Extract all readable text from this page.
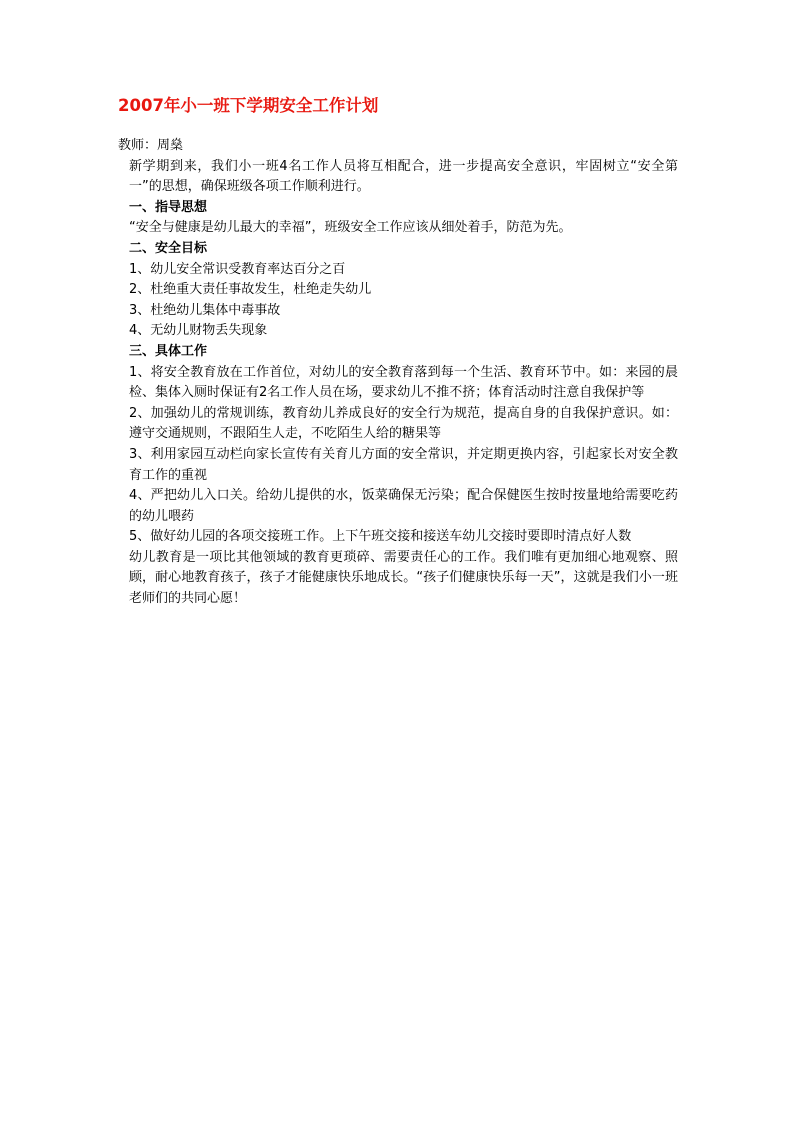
2007年小一班下学期安全工作计划
教师：周燊
新学期到来，我们小一班4名工作人员将互相配合，进一步提高安全意识，牢固树立“安全第一”的思想，确保班级各项工作顺利进行。
一、指导思想
“安全与健康是幼儿最大的幸福”，班级安全工作应该从细处着手，防范为先。
二、安全目标
1、幼儿安全常识受教育率达百分之百
2、杜绝重大责任事故发生，杜绝走失幼儿
3、杜绝幼儿集体中毒事故
4、无幼儿财物丢失现象
三、具体工作
1、将安全教育放在工作首位，对幼儿的安全教育落到每一个生活、教育环节中。如：来园的晨检、集体入厕时保证有2名工作人员在场，要求幼儿不推不挤；体育活动时注意自我保护等
2、加强幼儿的常规训练，教育幼儿养成良好的安全行为规范，提高自身的自我保护意识。如：遵守交通规则，不跟陌生人走，不吃陌生人给的糖果等
3、利用家园互动栏向家长宣传有关育儿方面的安全常识，并定期更换内容，引起家长对安全教育工作的重视
4、严把幼儿入口关。给幼儿提供的水，饭菜确保无污染；配合保健医生按时按量地给需要吃药的幼儿喂药
5、做好幼儿园的各项交接班工作。上下午班交接和接送车幼儿交接时要即时清点好人数
幼儿教育是一项比其他领域的教育更琐碎、需要责任心的工作。我们唯有更加细心地观察、照顾，耐心地教育孩子，孩子才能健康快乐地成长。“孩子们健康快乐每一天”，这就是我们小一班老师们的共同心愿！
